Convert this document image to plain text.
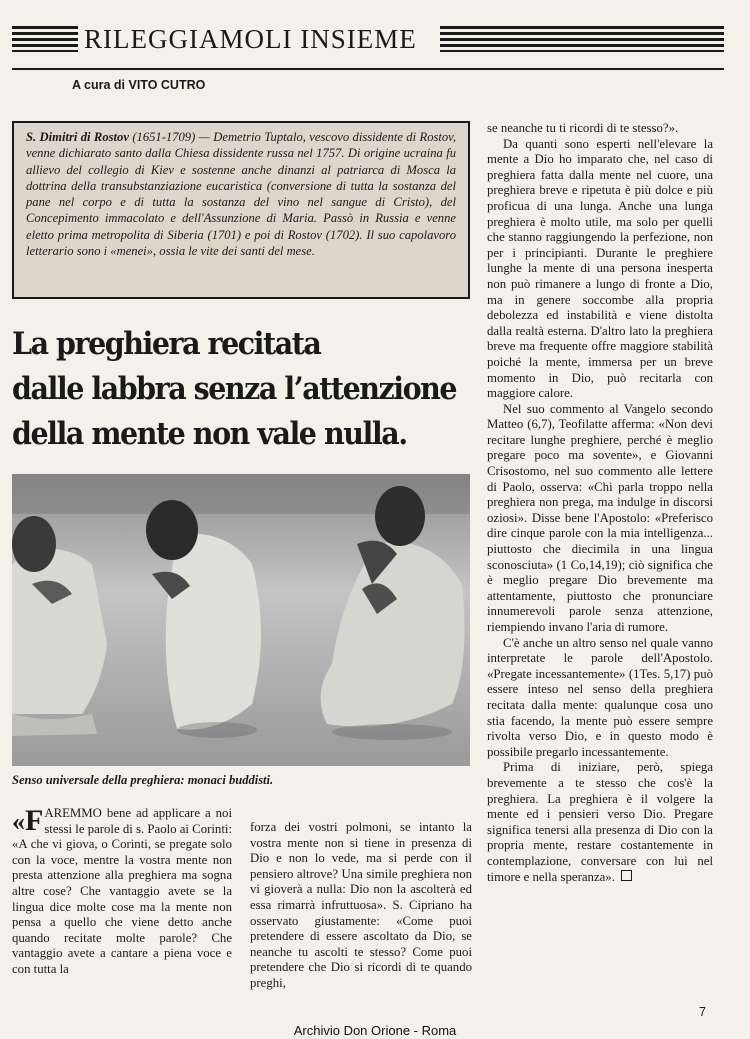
RILEGGIAMOLI INSIEME
A cura di VITO CUTRO
S. Dimitri di Rostov (1651-1709) — Demetrio Tuptalo, vescovo dissidente di Rostov, venne dichiarato santo dalla Chiesa dissidente russa nel 1757. Di origine ucraina fu allievo del collegio di Kiev e sostenne anche dinanzi al patriarca di Mosca la dottrina della transubstanziazione eucaristica (conversione di tutta la sostanza del pane nel corpo e di tutta la sostanza del vino nel sangue di Cristo), del Concepimento immacolato e dell'Assunzione di Maria. Passò in Russia e venne eletto prima metropolita di Siberia (1701) e poi di Rostov (1702). Il suo capolavoro letterario sono i «menei», ossia le vite dei santi del mese.
La preghiera recitata
dalle labbra senza l’attenzione
della mente non vale nulla.
Senso universale della preghiera: monaci buddisti.

«F AREMMO bene ad applicare a noi stessi le parole di s. Paolo ai Corinti: «A che vi giova, o Corinti, se pregate solo con la voce, mentre la vostra mente non presta attenzione alla preghiera ma sogna altre cose? Che vantaggio avete se la lingua dice molte cose ma la mente non pensa a quello che viene detto anche quando recitate molte parole? Che vantaggio avete a cantare a piena voce e con tutta la

forza dei vostri polmoni, se intanto la vostra mente non si tiene in presenza di Dio e non lo vede, ma si perde con il pensiero altrove? Una simile preghiera non vi gioverà a nulla: Dio non la ascolterà ed essa rimarrà infruttuosa». S. Cipriano ha osservato giustamente: «Come puoi pretendere di essere ascoltato da Dio, se neanche tu ascolti te stesso? Come puoi pretendere che Dio si ricordi di te quando preghi,

se neanche tu ti ricordi di te stesso?».

Da quanti sono esperti nell'elevare la mente a Dio ho imparato che, nel caso di preghiera fatta dalla mente nel cuore, una preghiera breve e ripetuta è più dolce e più proficua di una lunga. Anche una lunga preghiera è molto utile, ma solo per quelli che stanno raggiungendo la perfezione, non per i principianti. Durante le preghiere lunghe la mente di una persona inesperta non può rimanere a lungo di fronte a Dio, ma in genere soccombe alla propria debolezza ed instabilità e viene distolta dalla realtà esterna. D'altro lato la preghiera breve ma frequente offre maggiore stabilità poiché la mente, immersa per un breve momento in Dio, può recitarla con maggiore calore.

Nel suo commento al Vangelo secondo Matteo (6,7), Teofilatte afferma: «Non devi recitare lunghe preghiere, perché è meglio pregare poco ma sovente», e Giovanni Crisostomo, nel suo commento alle lettere di Paolo, osserva: «Chi parla troppo nella preghiera non prega, ma indulge in discorsi oziosi». Disse bene l'Apostolo: «Preferisco dire cinque parole con la mia intelligenza... piuttosto che diecimila in una lingua sconosciuta» (1 Co,14,19); ciò significa che è meglio pregare Dio brevemente ma attentamente, piuttosto che pronunciare innumerevoli parole senza attenzione, riempiendo invano l'aria di rumore.

C'è anche un altro senso nel quale vanno interpretate le parole dell'Apostolo. «Pregate incessantemente» (1Tes. 5,17) può essere inteso nel senso della preghiera recitata dalla mente: qualunque cosa uno stia facendo, la mente può essere sempre rivolta verso Dio, e in questo modo è possibile pregarlo incessantemente.

Prima di iniziare, però, spiega brevemente a te stesso che cos'è la preghiera. La preghiera è il volgere la mente ed i pensieri verso Dio. Pregare significa tenersi alla presenza di Dio con la propria mente, restare costantemente in contemplazione, conversare con lui nel timore e nella speranza».

7
Archivio Don Orione - Roma
